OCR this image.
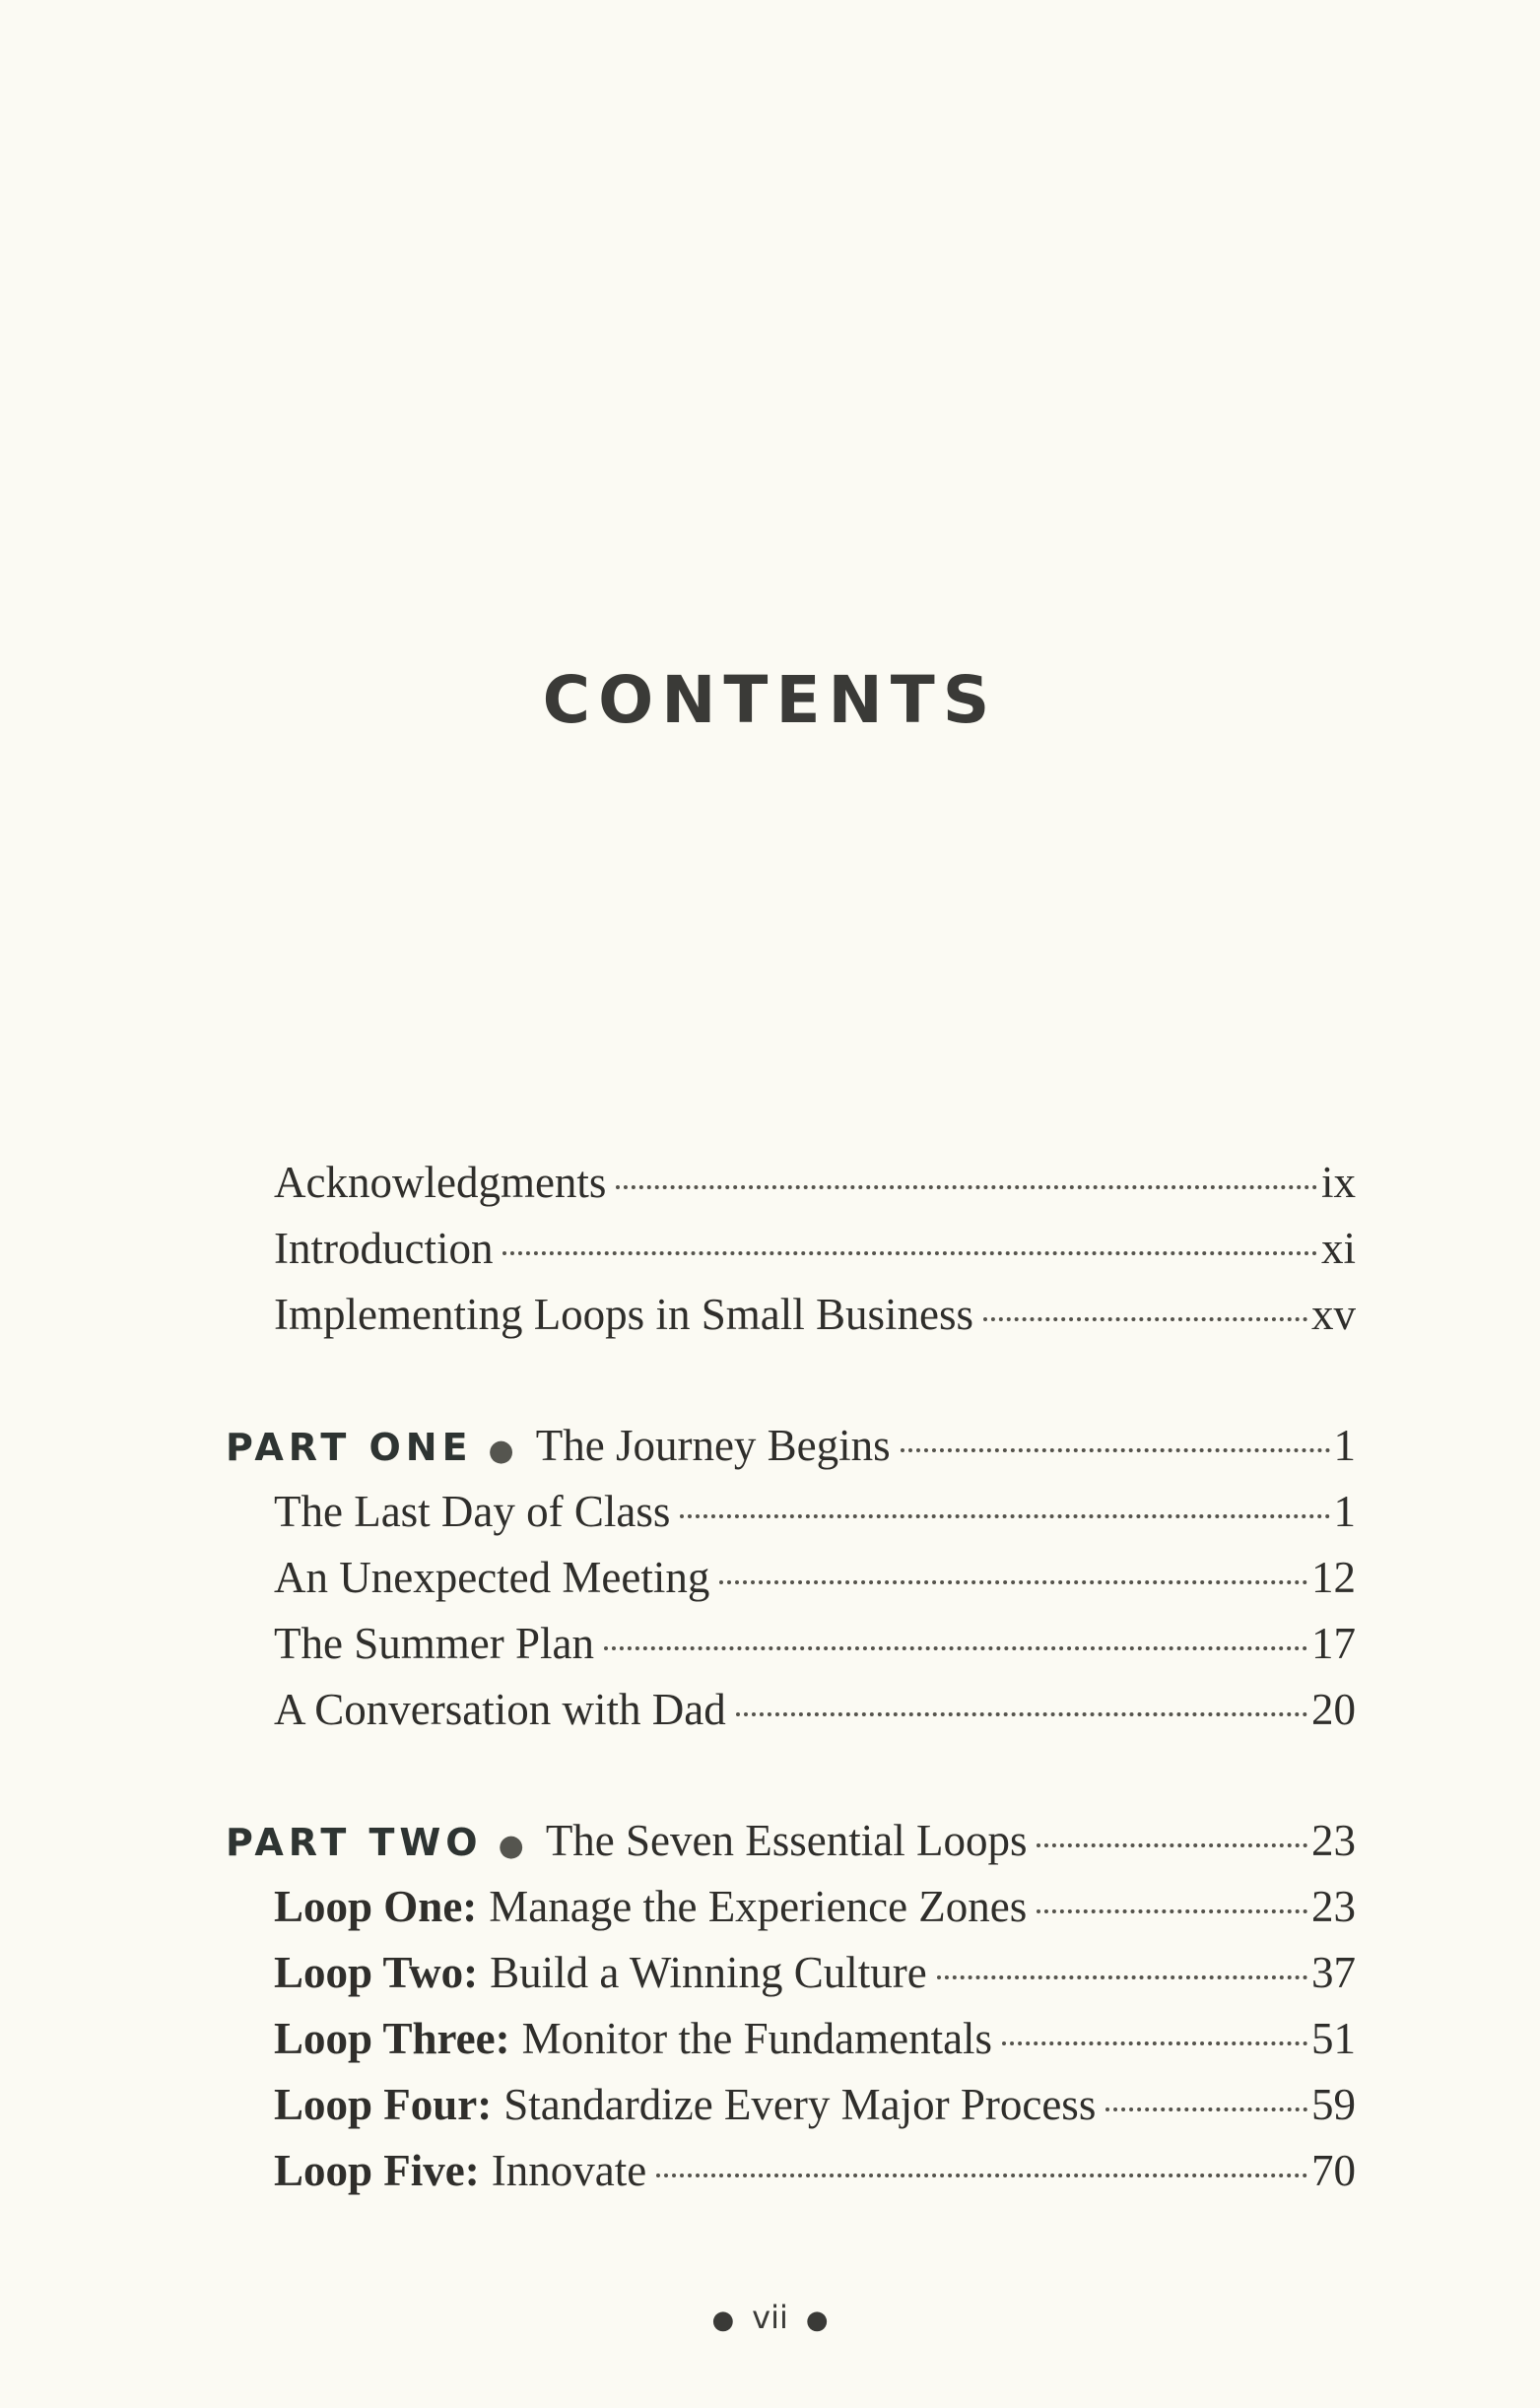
CONTENTS
Acknowledgments	ix
Introduction	xi
Implementing Loops in Small Business	xv
PART ONE ● The Journey Begins	1
The Last Day of Class	1
An Unexpected Meeting	12
The Summer Plan	17
A Conversation with Dad	20
PART TWO ● The Seven Essential Loops	23
Loop One: Manage the Experience Zones	23
Loop Two: Build a Winning Culture	37
Loop Three: Monitor the Fundamentals	51
Loop Four: Standardize Every Major Process	59
Loop Five: Innovate	70
● vii ●
